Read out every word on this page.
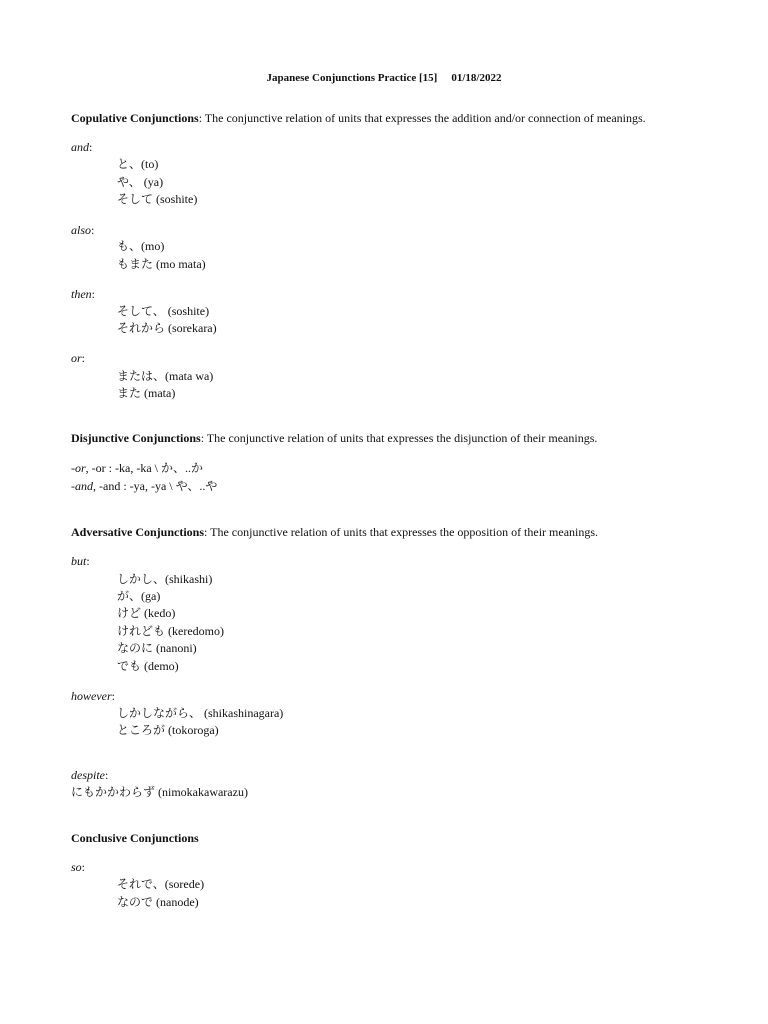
Japanese Conjunctions Practice [15] 01/18/2022
Copulative Conjunctions: The conjunctive relation of units that expresses the addition and/or connection of meanings.
and:
と、(to)
や、 (ya)
そして (soshite)
also:
も、(mo)
もまた (mo mata)
then:
そして、 (soshite)
それから (sorekara)
or:
または、(mata wa)
また (mata)
Disjunctive Conjunctions: The conjunctive relation of units that expresses the disjunction of their meanings.
-or, -or : -ka, -ka \ か、..か
-and, -and : -ya, -ya \ や、..や
Adversative Conjunctions: The conjunctive relation of units that expresses the opposition of their meanings.
but:
しかし、(shikashi)
が、(ga)
けど (kedo)
けれども (keredomo)
なのに (nanoni)
でも (demo)
however:
しかしながら、 (shikashinagara)
ところが (tokoroga)
despite:
にもかかわらず (nimokakawarazu)
Conclusive Conjunctions
so:
それで、(sorede)
なので (nanode)
